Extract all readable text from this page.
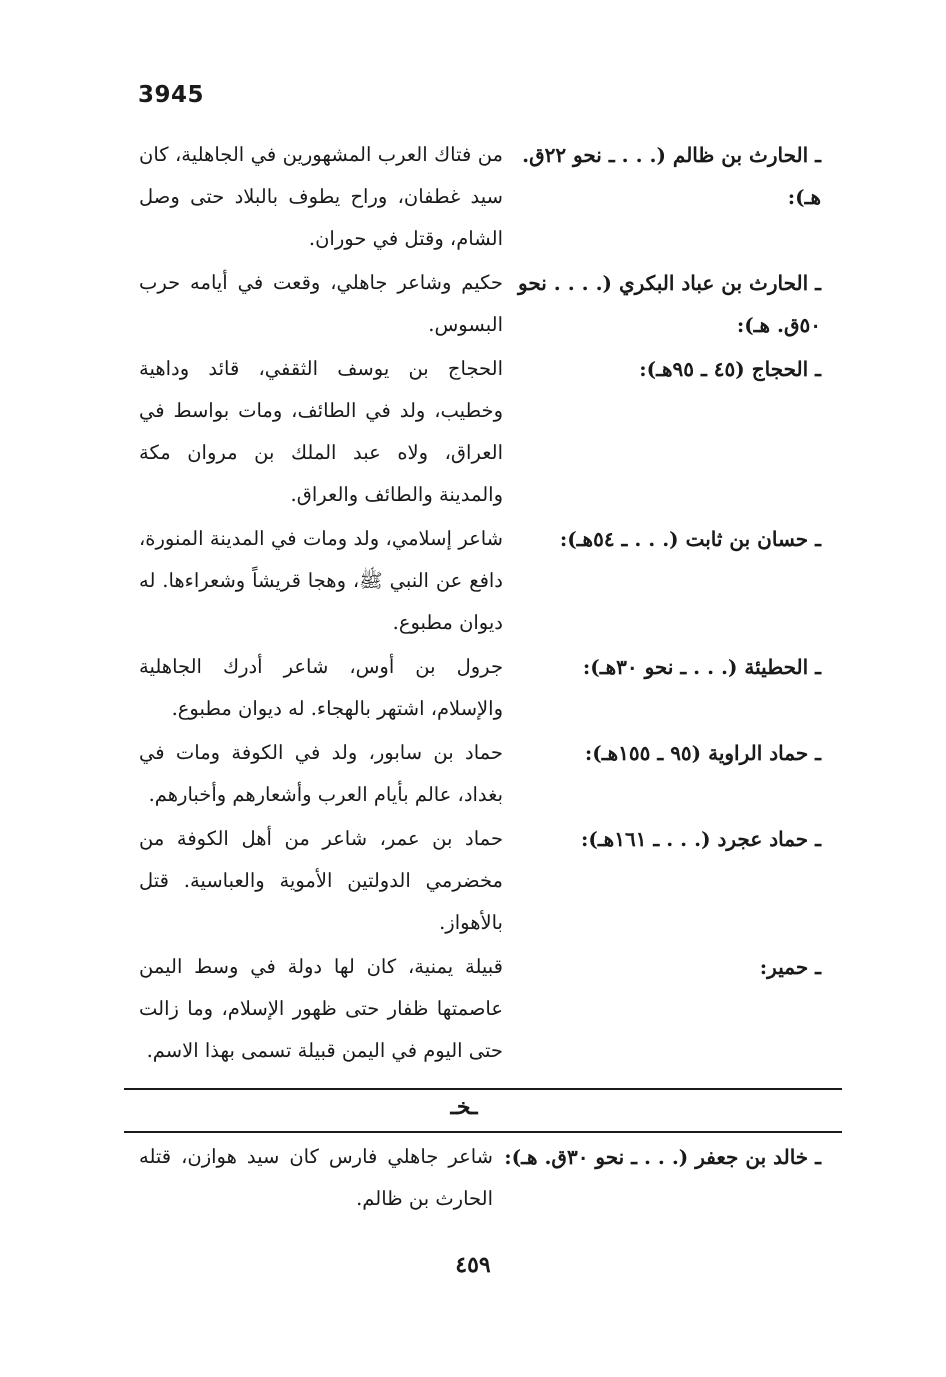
3945
ـ الحارث بن ظالم (. . . ـ نحو ٢٢ق. هـ):
من فتاك العرب المشهورين في الجاهلية، كان سيد غطفان، وراح يطوف بالبلاد حتى وصل الشام، وقتل في حوران.
ـ الحارث بن عباد البكري (. . . . نحو ٥٠ق. هـ):
حكيم وشاعر جاهلي، وقعت في أيامه حرب البسوس.
ـ الحجاج (٤٥ ـ ٩٥هـ):
الحجاج بن يوسف الثقفي، قائد وداهية وخطيب، ولد في الطائف، ومات بواسط في العراق، ولاه عبد الملك بن مروان مكة والمدينة والطائف والعراق.
ـ حسان بن ثابت (. . . ـ ٥٤هـ):
شاعر إسلامي، ولد ومات في المدينة المنورة، دافع عن النبي ﷺ، وهجا قريشاً وشعراءها. له ديوان مطبوع.
ـ الحطيئة (. . . ـ نحو ٣٠هـ):
جرول بن أوس، شاعر أدرك الجاهلية والإسلام، اشتهر بالهجاء. له ديوان مطبوع.
ـ حماد الراوية (٩٥ ـ ١٥٥هـ):
حماد بن سابور، ولد في الكوفة ومات في بغداد، عالم بأيام العرب وأشعارهم وأخبارهم.
ـ حماد عجرد (. . . ـ ١٦١هـ):
حماد بن عمر، شاعر من أهل الكوفة من مخضرمي الدولتين الأموية والعباسية. قتل بالأهواز.
ـ حمير:
قبيلة يمنية، كان لها دولة في وسط اليمن عاصمتها ظفار حتى ظهور الإسلام، وما زالت حتى اليوم في اليمن قبيلة تسمى بهذا الاسم.
ـخـ
ـ خالد بن جعفر (. . . ـ نحو ٣٠ق. هـ):
شاعر جاهلي فارس كان سيد هوازن، قتله الحارث بن ظالم.
٤٥٩
